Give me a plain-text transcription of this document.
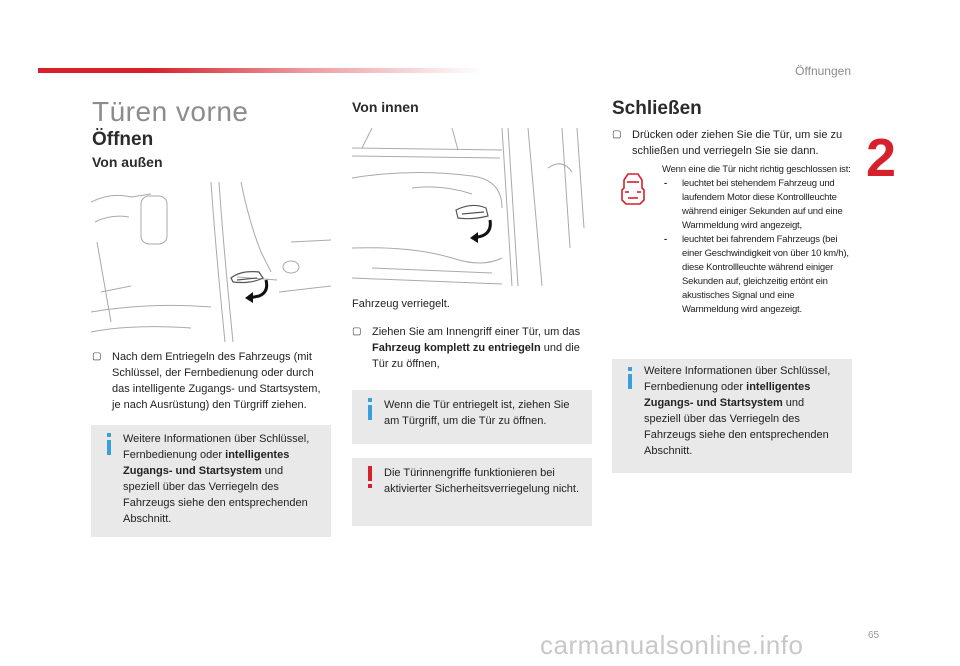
Öffnungen
2
65
Türen vorne
Öffnen
Von außen
▢ Nach dem Entriegeln des Fahrzeugs (mit Schlüssel, der Fernbedienung oder durch das intelligente Zugangs- und Startsystem, je nach Ausrüstung) den Türgriff ziehen.
Weitere Informationen über Schlüssel,
Fernbedienung oder intelligentes
Zugangs- und Startsystem und
speziell über das Verriegeln des
Fahrzeugs siehe den entsprechenden
Abschnitt.
Von innen
Fahrzeug verriegelt.
▢ Ziehen Sie am Innengriff einer Tür, um das Fahrzeug komplett zu entriegeln und die Tür zu öffnen,
Wenn die Tür entriegelt ist, ziehen Sie am Türgriff, um die Tür zu öffnen.
Die Türinnengriffe funktionieren bei aktivierter Sicherheitsverriegelung nicht.
Schließen
▢ Drücken oder ziehen Sie die Tür, um sie zu schließen und verriegeln Sie sie dann.
Wenn eine die Tür nicht richtig geschlossen ist:
- leuchtet bei stehendem Fahrzeug und laufendem Motor diese Kontrollleuchte während einiger Sekunden auf und eine Warnmeldung wird angezeigt,
- leuchtet bei fahrendem Fahrzeugs (bei einer Geschwindigkeit von über 10 km/h), diese Kontrollleuchte während einiger Sekunden auf, gleichzeitig ertönt ein akustisches Signal und eine Warnmeldung wird angezeigt.
Weitere Informationen über Schlüssel,
Fernbedienung oder intelligentes
Zugangs- und Startsystem und
speziell über das Verriegeln des
Fahrzeugs siehe den entsprechenden
Abschnitt.
carmanualsonline.info
